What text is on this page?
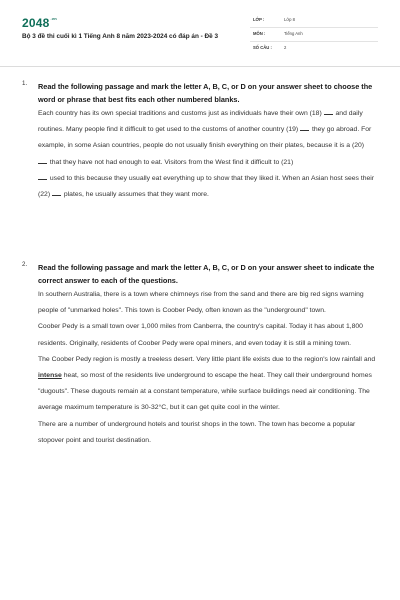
$2048^{.vn}$
Bộ 3 đề thi cuối kì 1 Tiếng Anh 8 năm 2023-2024 có đáp án - Đề 3
LỚP :	Lớp 8
MÔN :	Tiếng Anh
SỐ CÂU :	2
1. Read the following passage and mark the letter A, B, C, or D on your answer sheet to choose the word or phrase that best fits each other numbered blanks.

Each country has its own special traditions and customs just as individuals have their own (18) and daily routines. Many people find it difficult to get used to the customs of another country (19) they go abroad. For example, in some Asian countries, people do not usually finish everything on their plates, because it is a (20)
that they have not had enough to eat. Visitors from the West find it difficult to (21)
used to this because they usually eat everything up to show that they liked it. When an Asian host sees their (22) plates, he usually assumes that they want more.
2. Read the following passage and mark the letter A, B, C, or D on your answer sheet to indicate the correct answer to each of the questions.

In southern Australia, there is a town where chimneys rise from the sand and there are big red signs warning people of "unmarked holes". This town is Coober Pedy, often known as the "underground" town.

Coober Pedy is a small town over 1,000 miles from Canberra, the country's capital. Today it has about 1,800 residents. Originally, residents of Coober Pedy were opal miners, and even today it is still a mining town.

The Coober Pedy region is mostly a treeless desert. Very little plant life exists due to the region's low rainfall and intense heat, so most of the residents live underground to escape the heat. They call their underground homes "dugouts". These dugouts remain at a constant temperature, while surface buildings need air conditioning. The average maximum temperature is 30-32°C, but it can get quite cool in the winter.

There are a number of underground hotels and tourist shops in the town. The town has become a popular stopover point and tourist destination.
